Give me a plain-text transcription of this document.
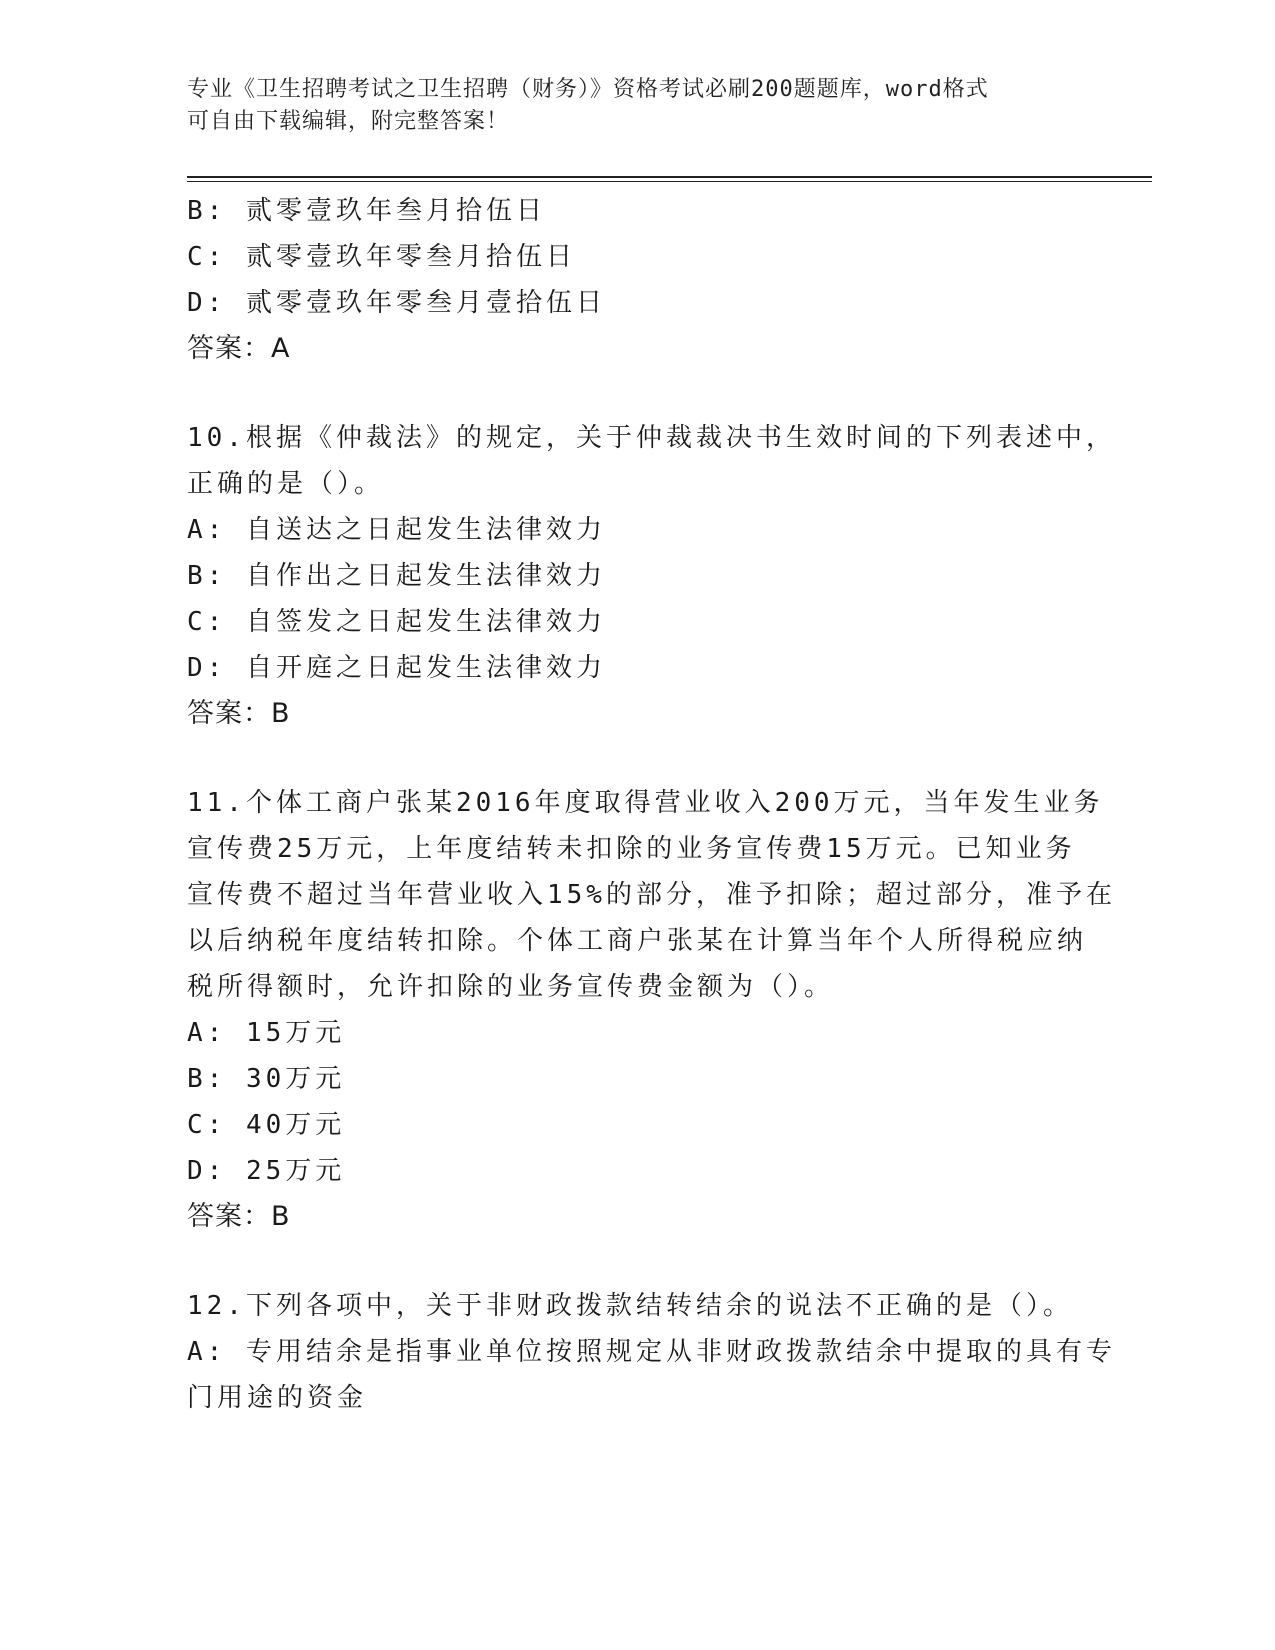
专业《卫生招聘考试之卫生招聘（财务）》资格考试必刷200题题库，word格式
可自由下载编辑，附完整答案！
B: 贰零壹玖年叁月拾伍日
C: 贰零壹玖年零叁月拾伍日
D: 贰零壹玖年零叁月壹拾伍日
答案：A
10.根据《仲裁法》的规定，关于仲裁裁决书生效时间的下列表述中，
正确的是（）。
A: 自送达之日起发生法律效力
B: 自作出之日起发生法律效力
C: 自签发之日起发生法律效力
D: 自开庭之日起发生法律效力
答案：B
11.个体工商户张某2016年度取得营业收入200万元，当年发生业务
宣传费25万元，上年度结转未扣除的业务宣传费15万元。已知业务
宣传费不超过当年营业收入15%的部分，准予扣除；超过部分，准予在
以后纳税年度结转扣除。个体工商户张某在计算当年个人所得税应纳
税所得额时，允许扣除的业务宣传费金额为（）。
A: 15万元
B: 30万元
C: 40万元
D: 25万元
答案：B
12.下列各项中，关于非财政拨款结转结余的说法不正确的是（）。
A: 专用结余是指事业单位按照规定从非财政拨款结余中提取的具有专
门用途的资金
